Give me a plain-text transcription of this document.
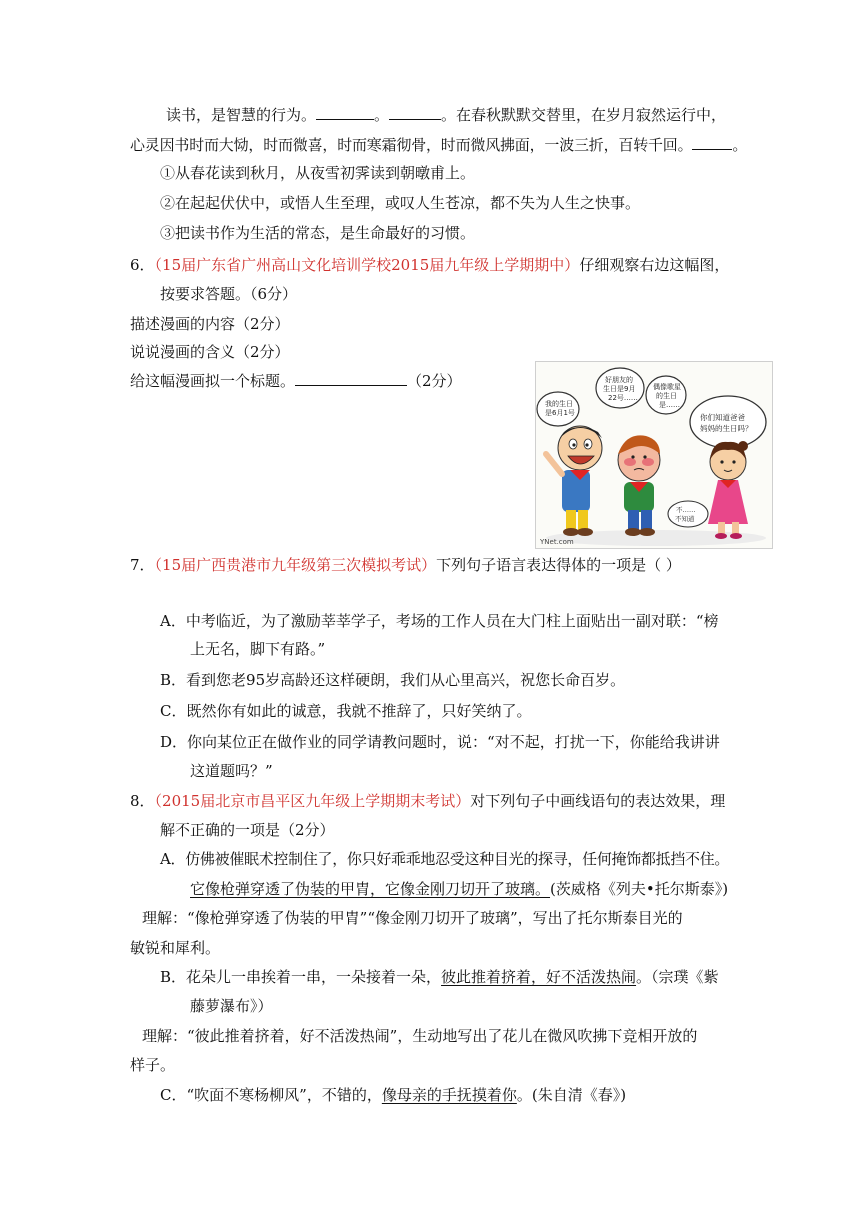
读书，是智慧的行为。	。	。在春秋默默交替里，在岁月寂然运行中，
心灵因书时而大恸，时而微喜，时而寒霜彻骨，时而微风拂面，一波三折，百转千回。	。
①从春花读到秋月，从夜雪初霁读到朝暾甫上。
②在起起伏伏中，或悟人生至理，或叹人生苍凉，都不失为人生之快事。
③把读书作为生活的常态，是生命最好的习惯。
6．（15届广东省广州高山文化培训学校2015届九年级上学期期中）仔细观察右边这幅图，
按要求答题。（6分）
描述漫画的内容（2分）
说说漫画的含义（2分）
给这幅漫画拟一个标题。	（2分）
我的生日
是6月1号
好朋友的
生日是9月
22号……
偶像歌星
的生日
是……
你们知道爸爸
妈妈的生日吗？
不……
不知道
YNet.com
7．（15届广西贵港市九年级第三次模拟考试）下列句子语言表达得体的一项是（ ）
A．中考临近，为了激励莘莘学子，考场的工作人员在大门柱上面贴出一副对联：“榜
上无名，脚下有路。”
B．看到您老95岁高龄还这样硬朗，我们从心里高兴，祝您长命百岁。
C．既然你有如此的诚意，我就不推辞了，只好笑纳了。
D．你向某位正在做作业的同学请教问题时，说：“对不起，打扰一下，你能给我讲讲
这道题吗？”
8．（2015届北京市昌平区九年级上学期期末考试）对下列句子中画线语句的表达效果，理
解不正确的一项是（2分）
A．仿佛被催眠术控制住了，你只好乖乖地忍受这种目光的探寻，任何掩饰都抵挡不住。
它像枪弹穿透了伪装的甲胄，它像金刚刀切开了玻璃。(茨威格《列夫•托尔斯泰》)
理解：“像枪弹穿透了伪装的甲胄”“像金刚刀切开了玻璃”，写出了托尔斯泰目光的
敏锐和犀利。
B．花朵儿一串挨着一串，一朵接着一朵，彼此推着挤着，好不活泼热闹。（宗璞《紫
藤萝瀑布》）
理解：“彼此推着挤着，好不活泼热闹”，生动地写出了花儿在微风吹拂下竞相开放的
样子。
C．“吹面不寒杨柳风”，不错的，像母亲的手抚摸着你。(朱自清《春》)
